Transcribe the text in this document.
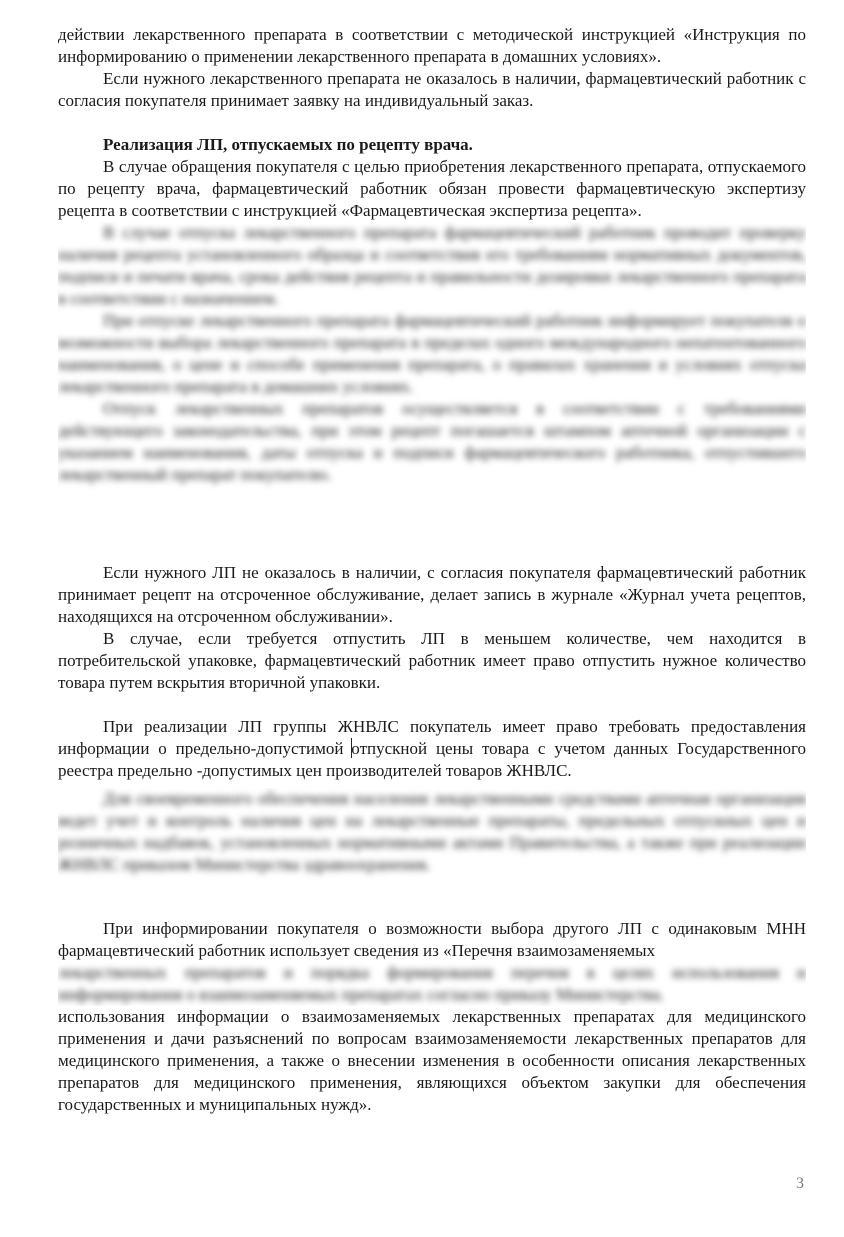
действии лекарственного препарата в соответствии с методической инструкцией «Инструкция по информированию о применении лекарственного препарата в домашних условиях».

Если нужного лекарственного препарата не оказалось в наличии, фармацевтический работник с согласия покупателя принимает заявку на индивидуальный заказ.

Реализация ЛП, отпускаемых по рецепту врача.

В случае обращения покупателя с целью приобретения лекарственного препарата, отпускаемого по рецепту врача, фармацевтический работник обязан провести фармацевтическую экспертизу рецепта в соответствии с инструкцией «Фармацевтическая экспертиза рецепта».

В случае отпуска лекарственного препарата фармацевтический работник проводит проверку наличия рецепта установленного образца и соответствия его требованиям нормативных документов, подписи и печати врача, срока действия рецепта и правильности дозировки лекарственного препарата в соответствии с назначением.

При отпуске лекарственного препарата фармацевтический работник информирует покупателя о возможности выбора лекарственного препарата в пределах одного международного непатентованного наименования, о цене и способе применения препарата, о правилах хранения и условиях отпуска лекарственного препарата в домашних условиях.

Отпуск лекарственных препаратов осуществляется в соответствии с требованиями действующего законодательства, при этом рецепт погашается штампом аптечной организации с указанием наименования, даты отпуска и подписи фармацевтического работника, отпустившего лекарственный препарат покупателю.

Если нужного ЛП не оказалось в наличии, с согласия покупателя фармацевтический работник принимает рецепт на отсроченное обслуживание, делает запись в журнале «Журнал учета рецептов, находящихся на отсроченном обслуживании».

В случае, если требуется отпустить ЛП в меньшем количестве, чем находится в потребительской упаковке, фармацевтический работник имеет право отпустить нужное количество товара путем вскрытия вторичной упаковки.

При реализации ЛП группы ЖНВЛС покупатель имеет право требовать предоставления информации о предельно-допустимой отпускной цены товара с учетом данных Государственного реестра предельно -допустимых цен производителей товаров ЖНВЛС.

Для своевременного обеспечения населения лекарственными средствами аптечная организация ведет учет и контроль наличия цен на лекарственные препараты, предельных отпускных цен и розничных надбавок, установленных нормативными актами Правительства, а также при реализации ЖНВЛС приказом Министерства здравоохранения.

При информировании покупателя о возможности выбора другого ЛП с одинаковым МНН фармацевтический работник использует сведения из «Перечня взаимозаменяемых

лекарственных препаратов и порядка формирования перечня в целях использования и информирования о взаимозаменяемых препаратах согласно приказу Министерства.

использования информации о взаимозаменяемых лекарственных препаратах для медицинского применения и дачи разъяснений по вопросам взаимозаменяемости лекарственных препаратов для медицинского применения, а также о внесении изменения в особенности описания лекарственных препаратов для медицинского применения, являющихся объектом закупки для обеспечения государственных и муниципальных нужд».

3
